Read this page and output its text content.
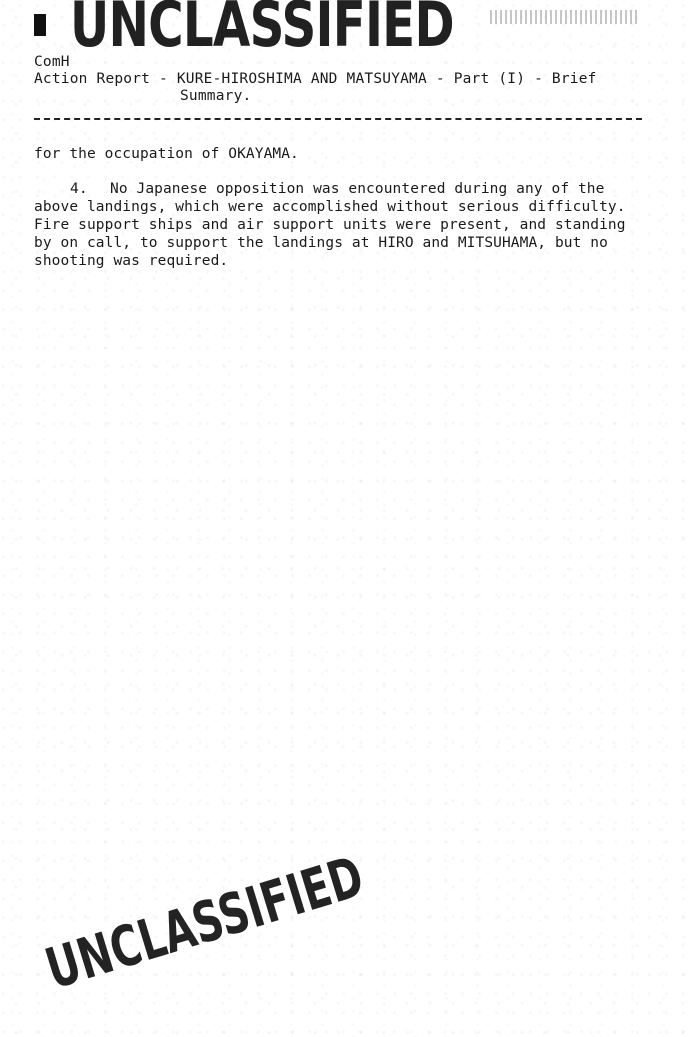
UNCLASSIFIED
ComH
Action Report - KURE-HIROSHIMA AND MATSUYAMA - Part (I) - Brief
Summary.
for the occupation of OKAYAMA.
4. No Japanese opposition was encountered during any of the
above landings, which were accomplished without serious difficulty.
Fire support ships and air support units were present, and standing
by on call, to support the landings at HIRO and MITSUHAMA, but no
shooting was required.
UNCLASSIFIED
